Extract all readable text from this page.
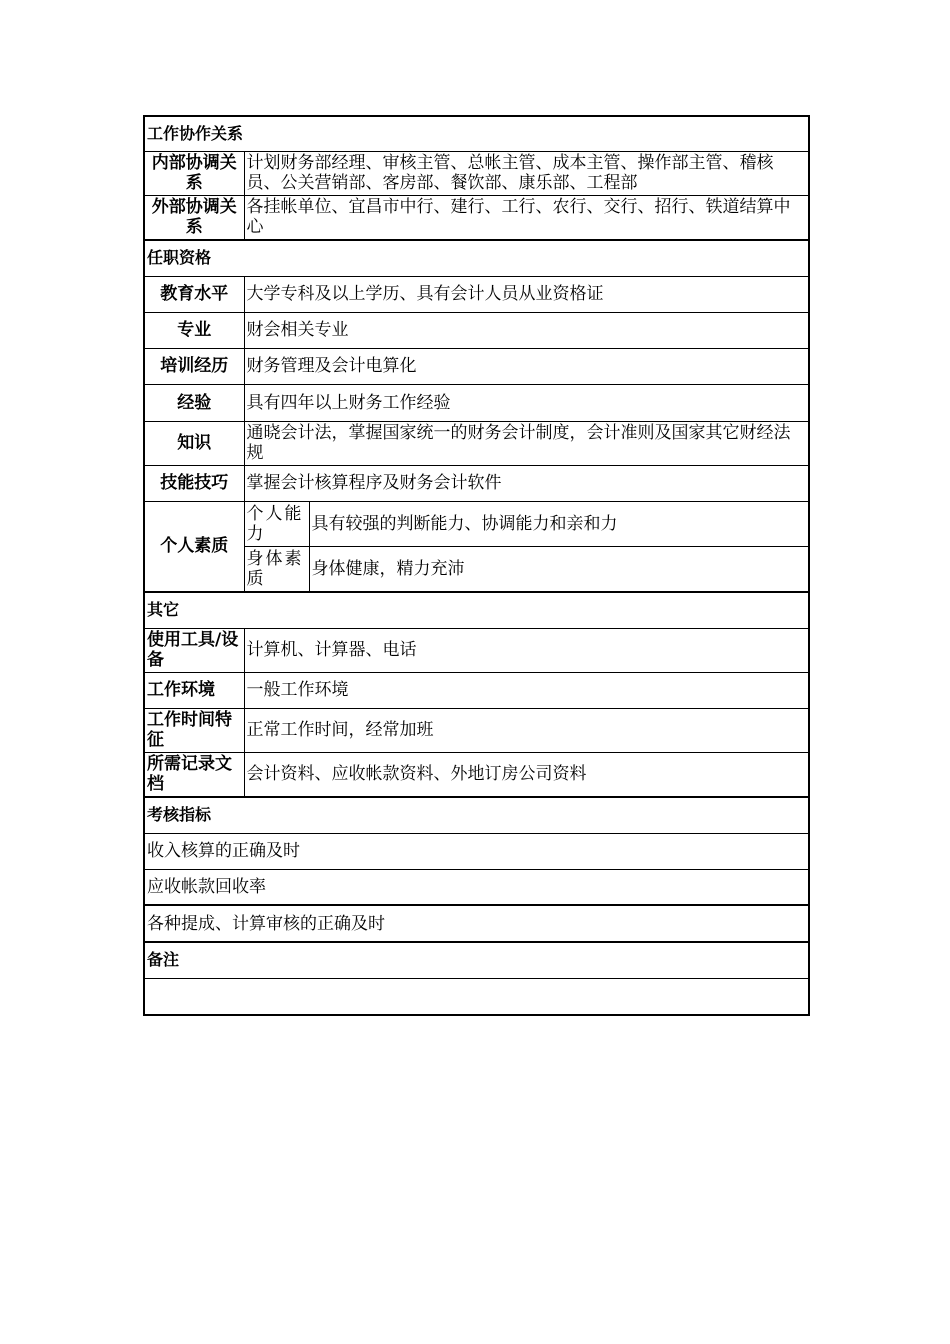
工作协作关系		
内部协调关系	计划财务部经理、审核主管、总帐主管、成本主管、操作部主管、稽核员、公关营销部、客房部、餐饮部、康乐部、工程部	
外部协调关系	各挂帐单位、宜昌市中行、建行、工行、农行、交行、招行、铁道结算中心	
任职资格		
教育水平	大学专科及以上学历、具有会计人员从业资格证	
专业	财会相关专业	
培训经历	财务管理及会计电算化	
经验	具有四年以上财务工作经验	
知识	通晓会计法，掌握国家统一的财务会计制度，会计准则及国家其它财经法规	
技能技巧	掌握会计核算程序及财务会计软件	
个人素质	个人能力	具有较强的判断能力、协调能力和亲和力
	身体素质	身体健康，精力充沛
其它		
使用工具/设备	计算机、计算器、电话	
工作环境	一般工作环境	
工作时间特征	正常工作时间，经常加班	
所需记录文档	会计资料、应收帐款资料、外地订房公司资料	
考核指标		
收入核算的正确及时		
应收帐款回收率		
各种提成、计算审核的正确及时		
备注		
